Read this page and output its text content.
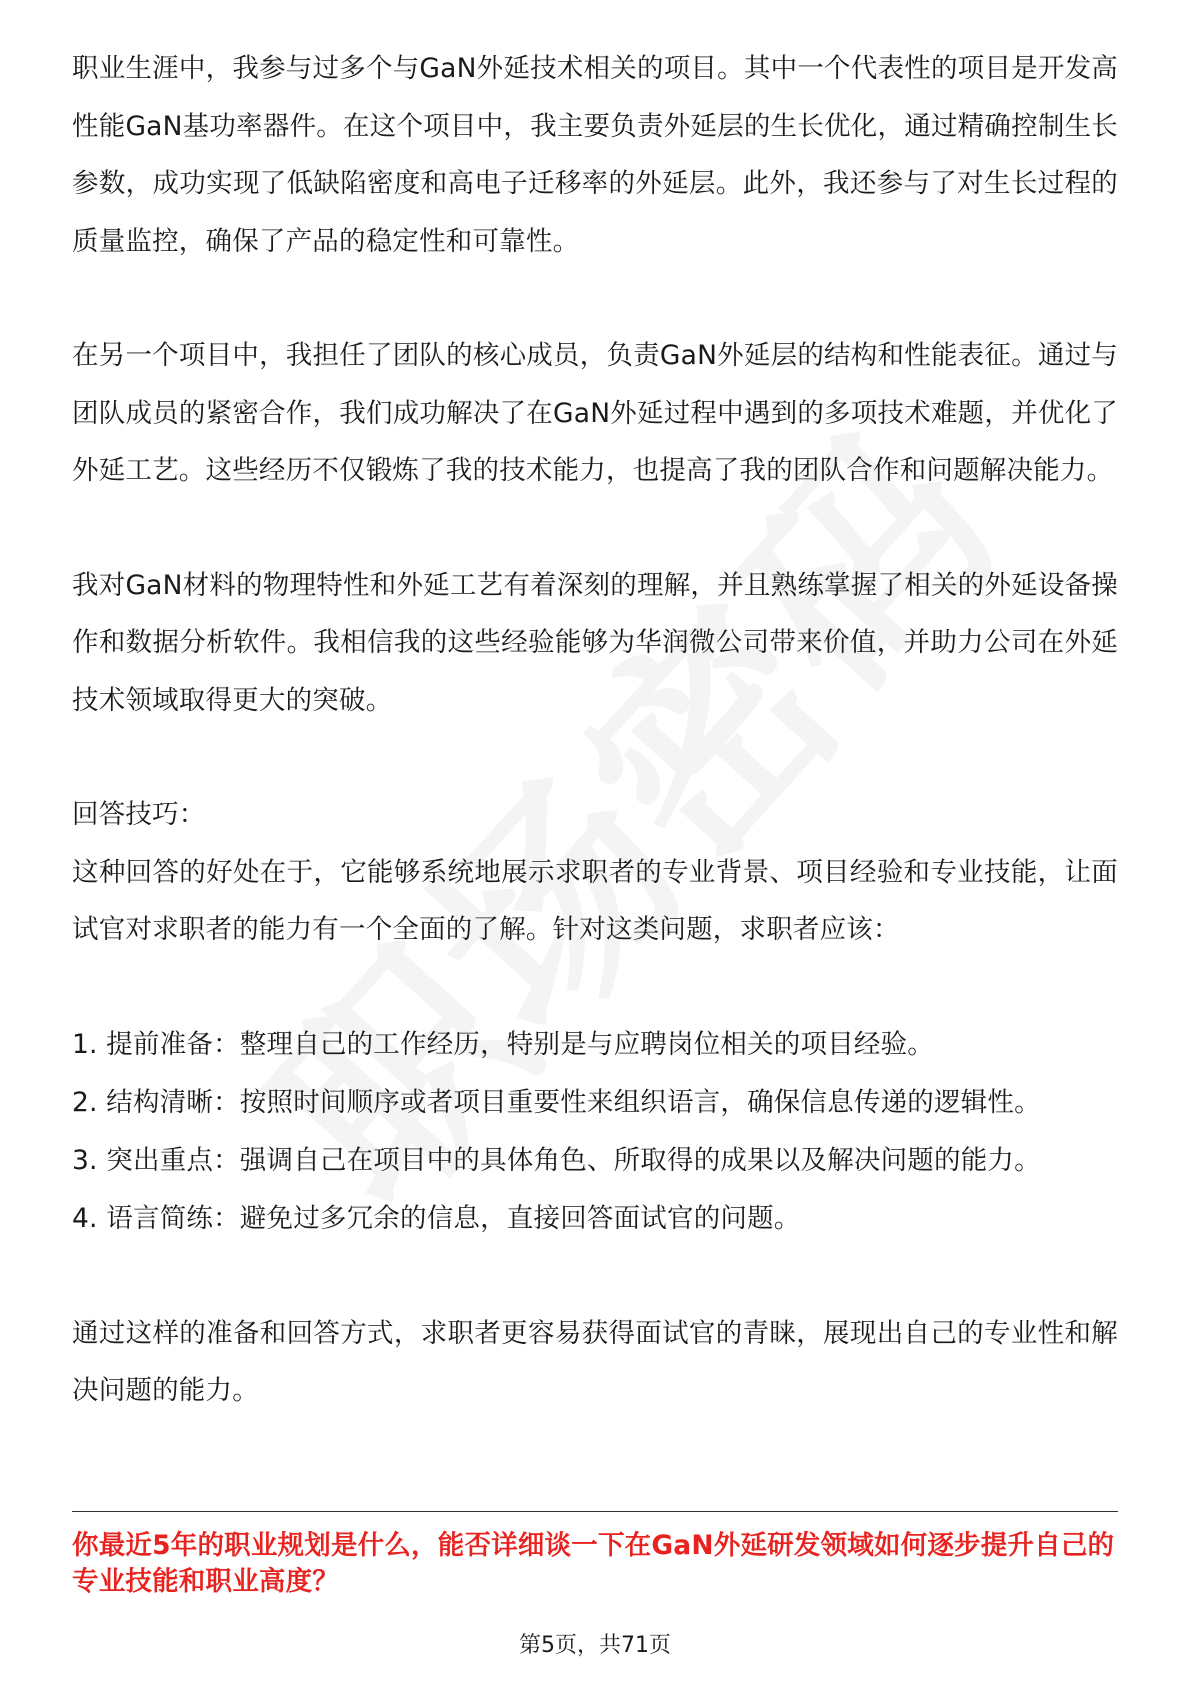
职业生涯中，我参与过多个与GaN外延技术相关的项目。其中一个代表性的项目是开发高性能GaN基功率器件。在这个项目中，我主要负责外延层的生长优化，通过精确控制生长参数，成功实现了低缺陷密度和高电子迁移率的外延层。此外，我还参与了对生长过程的质量监控，确保了产品的稳定性和可靠性。

在另一个项目中，我担任了团队的核心成员，负责GaN外延层的结构和性能表征。通过与团队成员的紧密合作，我们成功解决了在GaN外延过程中遇到的多项技术难题，并优化了外延工艺。这些经历不仅锻炼了我的技术能力，也提高了我的团队合作和问题解决能力。

我对GaN材料的物理特性和外延工艺有着深刻的理解，并且熟练掌握了相关的外延设备操作和数据分析软件。我相信我的这些经验能够为华润微公司带来价值，并助力公司在外延技术领域取得更大的突破。

回答技巧：

这种回答的好处在于，它能够系统地展示求职者的专业背景、项目经验和专业技能，让面试官对求职者的能力有一个全面的了解。针对这类问题，求职者应该：

1. 提前准备：整理自己的工作经历，特别是与应聘岗位相关的项目经验。
2. 结构清晰：按照时间顺序或者项目重要性来组织语言，确保信息传递的逻辑性。
3. 突出重点：强调自己在项目中的具体角色、所取得的成果以及解决问题的能力。
4. 语言简练：避免过多冗余的信息，直接回答面试官的问题。

通过这样的准备和回答方式，求职者更容易获得面试官的青睐，展现出自己的专业性和解决问题的能力。

你最近5年的职业规划是什么，能否详细谈一下在GaN外延研发领域如何逐步提升自己的专业技能和职业高度？

第5页，共71页
